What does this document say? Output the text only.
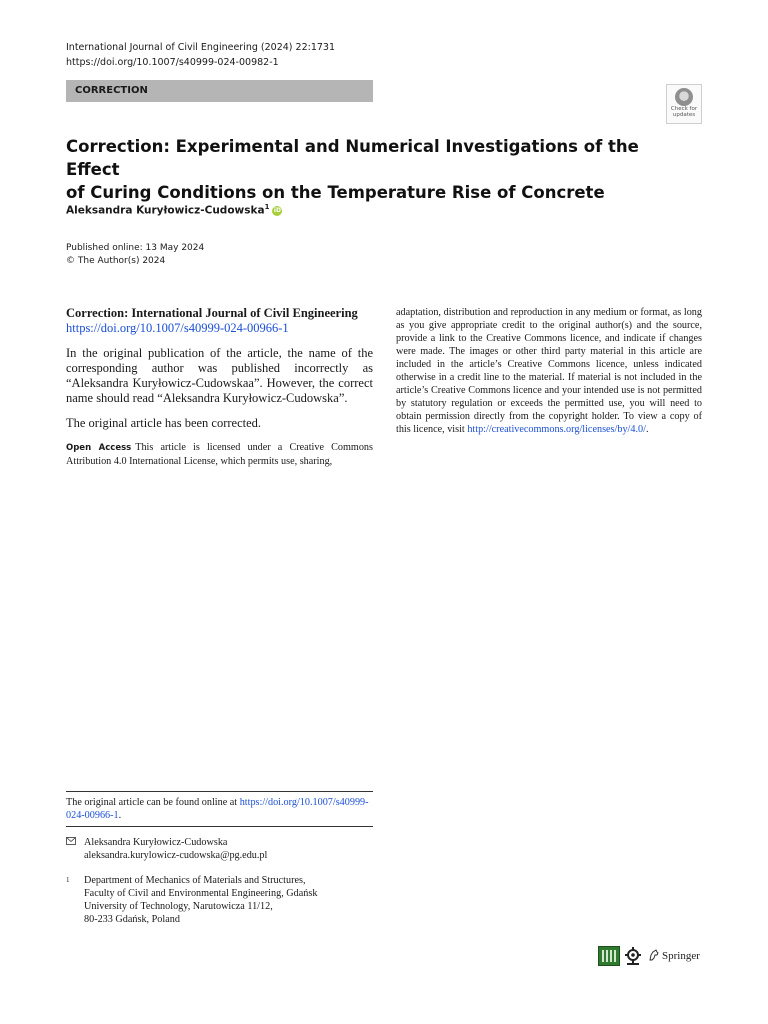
International Journal of Civil Engineering (2024) 22:1731
https://doi.org/10.1007/s40999-024-00982-1
CORRECTION
Check for
updates
Correction: Experimental and Numerical Investigations of the Effect
of Curing Conditions on the Temperature Rise of Concrete
Aleksandra Kuryłowicz-Cudowska$^1$ iD
Published online: 13 May 2024
© The Author(s) 2024
Correction: International Journal of Civil Engineering
https://doi.org/10.1007/s40999-024-00966-1

In the original publication of the article, the name of the corresponding author was published incorrectly as “Aleksandra Kuryłowicz-Cudowskaa”. However, the correct name should read “Aleksandra Kuryłowicz-Cudowska”.

The original article has been corrected.

Open Access This article is licensed under a Creative Commons Attribution 4.0 International License, which permits use, sharing,

adaptation, distribution and reproduction in any medium or format, as long as you give appropriate credit to the original author(s) and the source, provide a link to the Creative Commons licence, and indicate if changes were made. The images or other third party material in this article are included in the article’s Creative Commons licence, unless indicated otherwise in a credit line to the material. If material is not included in the article’s Creative Commons licence and your intended use is not permitted by statutory regulation or exceeds the permitted use, you will need to obtain permission directly from the copyright holder. To view a copy of this licence, visit http://creativecommons.org/licenses/by/4.0/.

The original article can be found online at https://doi.org/10.1007/s40999-024-00966-1.
Aleksandra Kuryłowicz-Cudowska
aleksandra.kurylowicz-cudowska@pg.edu.pl
1 Department of Mechanics of Materials and Structures,
Faculty of Civil and Environmental Engineering, Gdańsk
University of Technology, Narutowicza 11/12,
80-233 Gdańsk, Poland
Springer
